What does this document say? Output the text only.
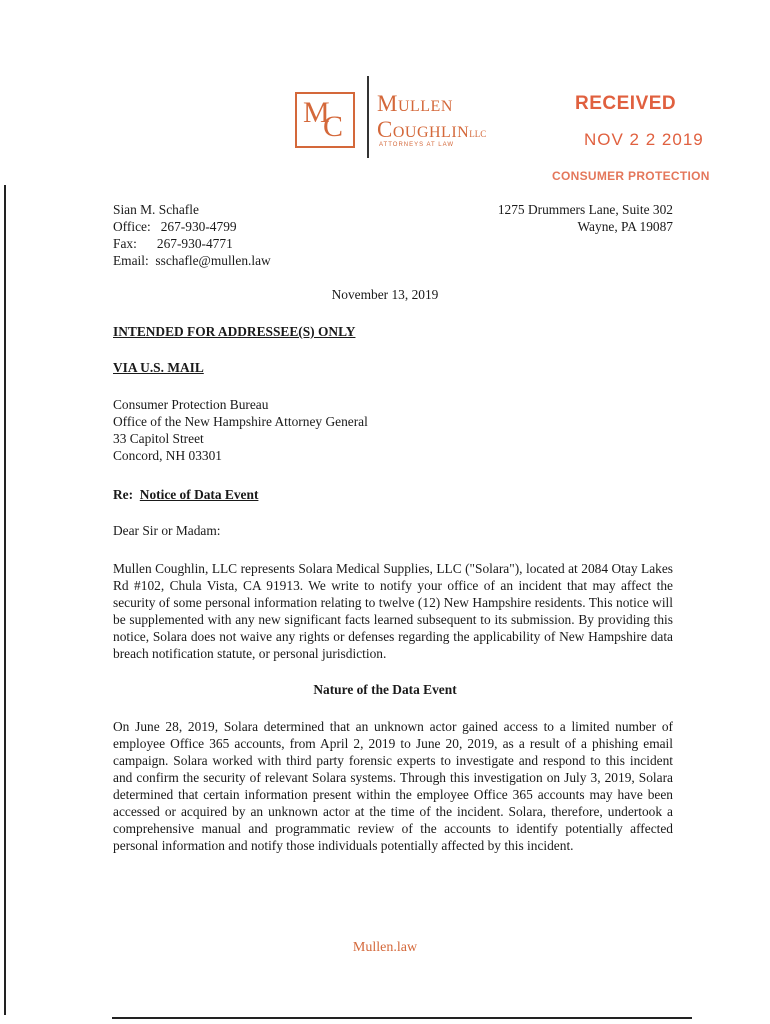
M
C
Mullen
CoughlinLLC
ATTORNEYS AT LAW
RECEIVED
NOV 2 2 2019
CONSUMER PROTECTION
Sian M. Schafle
Office:   267-930-4799
Fax:      267-930-4771
Email:  sschafle@mullen.law
1275 Drummers Lane, Suite 302
Wayne, PA 19087
November 13, 2019
INTENDED FOR ADDRESSEE(S) ONLY
VIA U.S. MAIL
Consumer Protection Bureau
Office of the New Hampshire Attorney General
33 Capitol Street
Concord, NH 03301
Re: Notice of Data Event
Dear Sir or Madam:

Mullen Coughlin, LLC represents Solara Medical Supplies, LLC ("Solara"), located at 2084 Otay Lakes Rd #102, Chula Vista, CA 91913. We write to notify your office of an incident that may affect the security of some personal information relating to twelve (12) New Hampshire residents. This notice will be supplemented with any new significant facts learned subsequent to its submission. By providing this notice, Solara does not waive any rights or defenses regarding the applicability of New Hampshire data breach notification statute, or personal jurisdiction.

Nature of the Data Event

On June 28, 2019, Solara determined that an unknown actor gained access to a limited number of employee Office 365 accounts, from April 2, 2019 to June 20, 2019, as a result of a phishing email campaign. Solara worked with third party forensic experts to investigate and respond to this incident and confirm the security of relevant Solara systems. Through this investigation on July 3, 2019, Solara determined that certain information present within the employee Office 365 accounts may have been accessed or acquired by an unknown actor at the time of the incident. Solara, therefore, undertook a comprehensive manual and programmatic review of the accounts to identify potentially affected personal information and notify those individuals potentially affected by this incident.

Mullen.law
